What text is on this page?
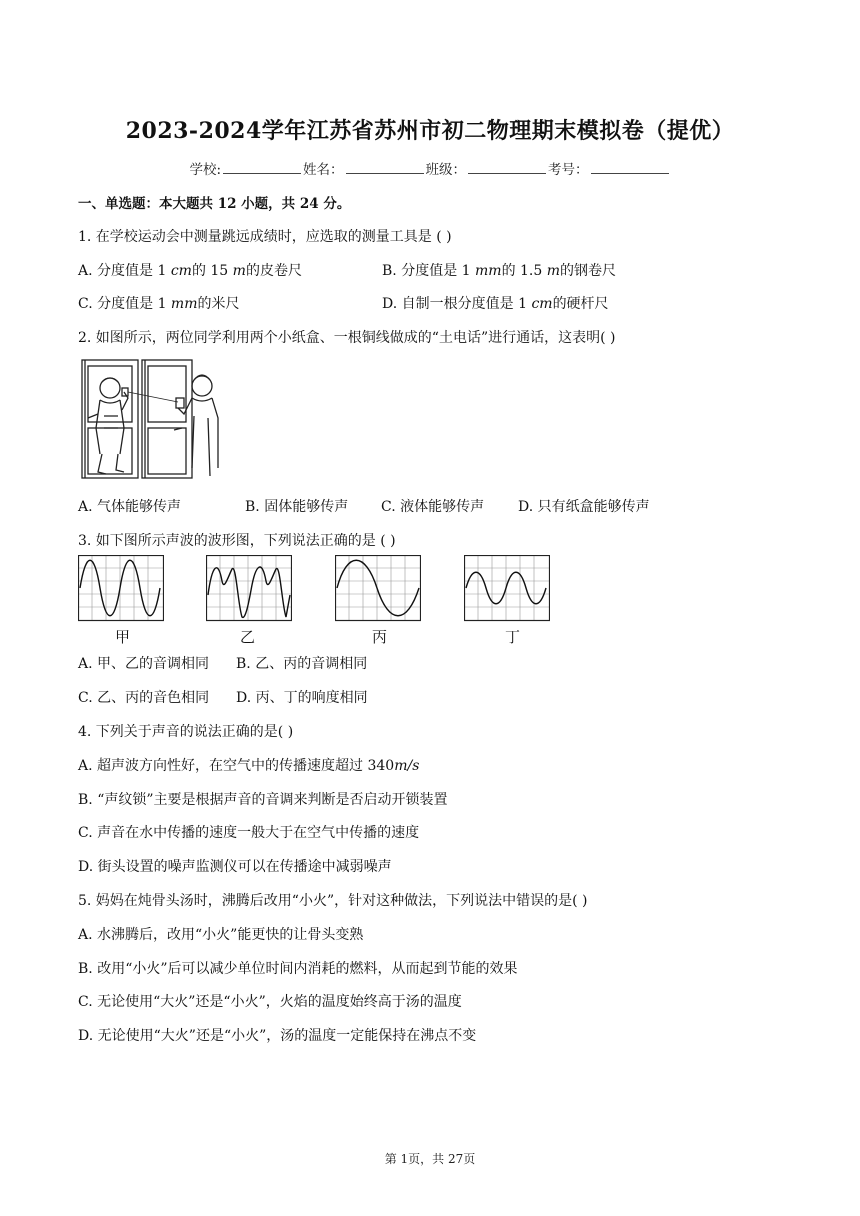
2023-2024学年江苏省苏州市初二物理期末模拟卷（提优）
学校:	姓名：	班级：	考号：
一、单选题：本大题共 12 小题，共 24 分。
1. 在学校运动会中测量跳远成绩时，应选取的测量工具是 ( )
A. 分度值是 1 cm的 15 m的皮卷尺	B. 分度值是 1 mm的 1.5 m的钢卷尺
C. 分度值是 1 mm的米尺	D. 自制一根分度值是 1 cm的硬杆尺
2. 如图所示，两位同学利用两个小纸盒、一根铜线做成的“土电话”进行通话，这表明( )
A. 气体能够传声	B. 固体能够传声 C. 液体能够传声 D. 只有纸盒能够传声
3. 如下图所示声波的波形图，下列说法正确的是 ( )
甲	乙	丙	丁
A. 甲、乙的音调相同 B. 乙、丙的音调相同
C. 乙、丙的音色相同 D. 丙、丁的响度相同
4. 下列关于声音的说法正确的是( )
A. 超声波方向性好，在空气中的传播速度超过 340m/s
B. “声纹锁”主要是根据声音的音调来判断是否启动开锁装置
C. 声音在水中传播的速度一般大于在空气中传播的速度
D. 街头设置的噪声监测仪可以在传播途中减弱噪声
5. 妈妈在炖骨头汤时，沸腾后改用“小火”，针对这种做法，下列说法中错误的是( )
A. 水沸腾后，改用“小火”能更快的让骨头变熟
B. 改用“小火”后可以减少单位时间内消耗的燃料，从而起到节能的效果
C. 无论使用“大火”还是“小火”，火焰的温度始终高于汤的温度
D. 无论使用“大火”还是“小火”，汤的温度一定能保持在沸点不变
第 1页，共 27页
